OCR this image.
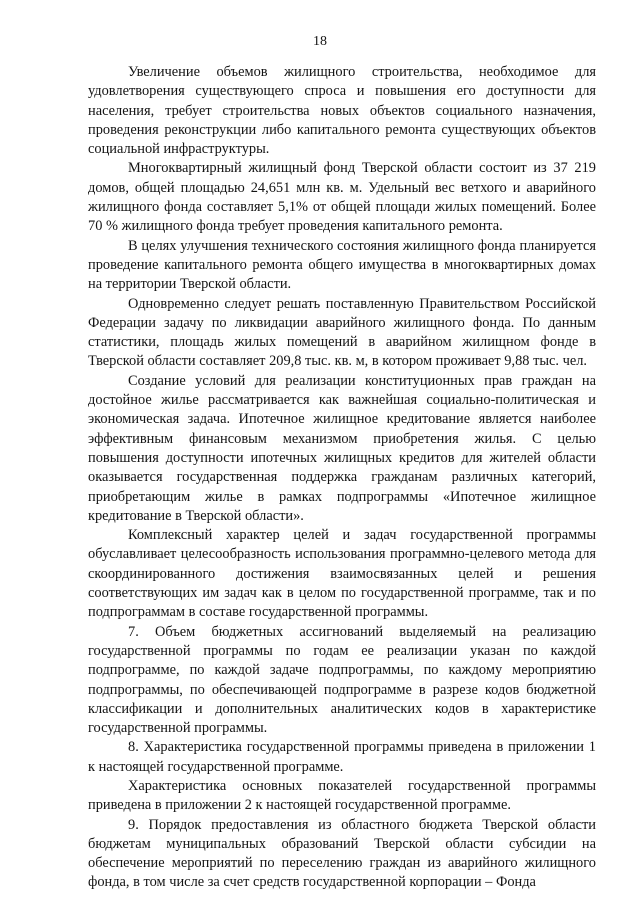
18

Увеличение объемов жилищного строительства, необходимое для удовлетворения существующего спроса и повышения его доступности для населения, требует строительства новых объектов социального назначения, проведения реконструкции либо капитального ремонта существующих объектов социальной инфраструктуры.

Многоквартирный жилищный фонд Тверской области состоит из 37 219 домов, общей площадью 24,651 млн кв. м. Удельный вес ветхого и аварийного жилищного фонда составляет 5,1% от общей площади жилых помещений. Более 70 % жилищного фонда требует проведения капитального ремонта.

В целях улучшения технического состояния жилищного фонда планируется проведение капитального ремонта общего имущества в многоквартирных домах на территории Тверской области.

Одновременно следует решать поставленную Правительством Российской Федерации задачу по ликвидации аварийного жилищного фонда. По данным статистики, площадь жилых помещений в аварийном жилищном фонде в Тверской области составляет 209,8 тыс. кв. м, в котором проживает 9,88 тыс. чел.

Создание условий для реализации конституционных прав граждан на достойное жилье рассматривается как важнейшая социально-политическая и экономическая задача. Ипотечное жилищное кредитование является наиболее эффективным финансовым механизмом приобретения жилья. С целью повышения доступности ипотечных жилищных кредитов для жителей области оказывается государственная поддержка гражданам различных категорий, приобретающим жилье в рамках подпрограммы «Ипотечное жилищное кредитование в Тверской области».

Комплексный характер целей и задач государственной программы обуславливает целесообразность использования программно-целевого метода для скоординированного достижения взаимосвязанных целей и решения соответствующих им задач как в целом по государственной программе, так и по подпрограммам в составе государственной программы.

7. Объем бюджетных ассигнований выделяемый на реализацию государственной программы по годам ее реализации указан по каждой подпрограмме, по каждой задаче подпрограммы, по каждому мероприятию подпрограммы, по обеспечивающей подпрограмме в разрезе кодов бюджетной классификации и дополнительных аналитических кодов в характеристике государственной программы.

8. Характеристика государственной программы приведена в приложении 1 к настоящей государственной программе.

Характеристика основных показателей государственной программы приведена в приложении 2 к настоящей государственной программе.

9. Порядок предоставления из областного бюджета Тверской области бюджетам муниципальных образований Тверской области субсидии на обеспечение мероприятий по переселению граждан из аварийного жилищного фонда, в том числе за счет средств государственной корпорации – Фонда
